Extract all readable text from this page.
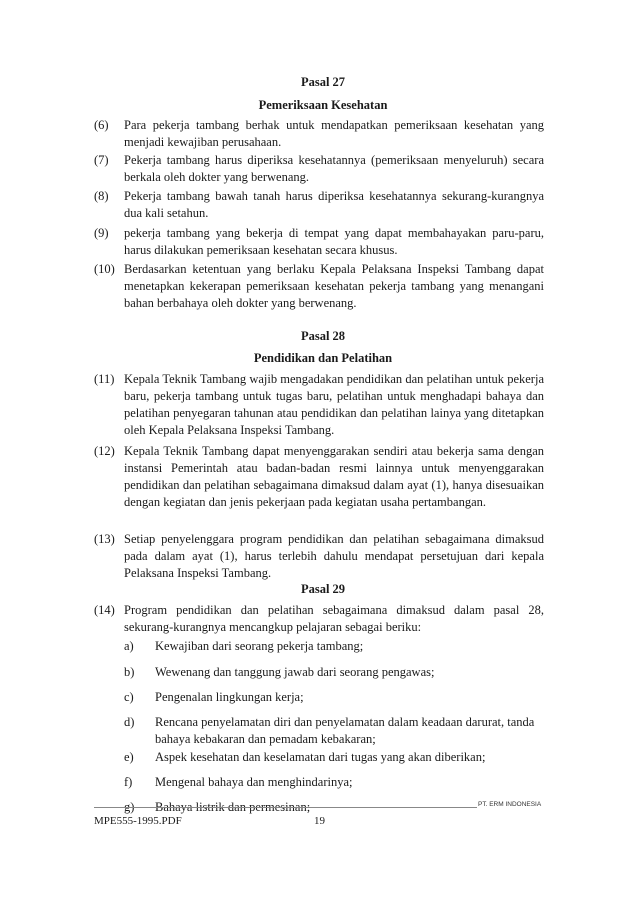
Pasal 27
Pemeriksaan Kesehatan
(6) Para pekerja tambang berhak untuk mendapatkan pemeriksaan kesehatan yang menjadi kewajiban perusahaan.
(7) Pekerja tambang harus diperiksa kesehatannya (pemeriksaan menyeluruh) secara berkala oleh dokter yang berwenang.
(8) Pekerja tambang bawah tanah harus diperiksa kesehatannya sekurang-kurangnya dua kali setahun.
(9) pekerja tambang yang bekerja di tempat yang dapat membahayakan paru-paru, harus dilakukan pemeriksaan kesehatan secara khusus.
(10) Berdasarkan ketentuan yang berlaku Kepala Pelaksana Inspeksi Tambang dapat menetapkan kekerapan pemeriksaan kesehatan pekerja tambang yang menangani bahan berbahaya oleh dokter yang berwenang.
Pasal 28
Pendidikan dan Pelatihan
(11) Kepala Teknik Tambang wajib mengadakan pendidikan dan pelatihan untuk pekerja baru, pekerja tambang untuk tugas baru, pelatihan untuk menghadapi bahaya dan pelatihan penyegaran tahunan atau pendidikan dan pelatihan lainya yang ditetapkan oleh Kepala Pelaksana Inspeksi Tambang.
(12) Kepala Teknik Tambang dapat menyenggarakan sendiri atau bekerja sama dengan instansi Pemerintah atau badan-badan resmi lainnya untuk menyenggarakan pendidikan dan pelatihan sebagaimana dimaksud dalam ayat (1), hanya disesuaikan dengan kegiatan dan jenis pekerjaan pada kegiatan usaha pertambangan.
(13) Setiap penyelenggara program pendidikan dan pelatihan sebagaimana dimaksud pada dalam ayat (1), harus terlebih dahulu mendapat persetujuan dari kepala Pelaksana Inspeksi Tambang.
Pasal 29
(14) Program pendidikan dan pelatihan sebagaimana dimaksud dalam pasal 28, sekurang-kurangnya mencangkup pelajaran sebagai beriku:
a) Kewajiban dari seorang pekerja tambang;
b) Wewenang dan tanggung jawab dari seorang pengawas;
c) Pengenalan lingkungan kerja;
d) Rencana penyelamatan diri dan penyelamatan dalam keadaan darurat, tanda bahaya kebakaran dan pemadam kebakaran;
e) Aspek kesehatan dan keselamatan dari tugas yang akan diberikan;
f) Mengenal bahaya dan menghindarinya;
g) Bahaya listrik dan permesinan;	PT. ERM INDONESIA
MPE555-1995.PDF	19
